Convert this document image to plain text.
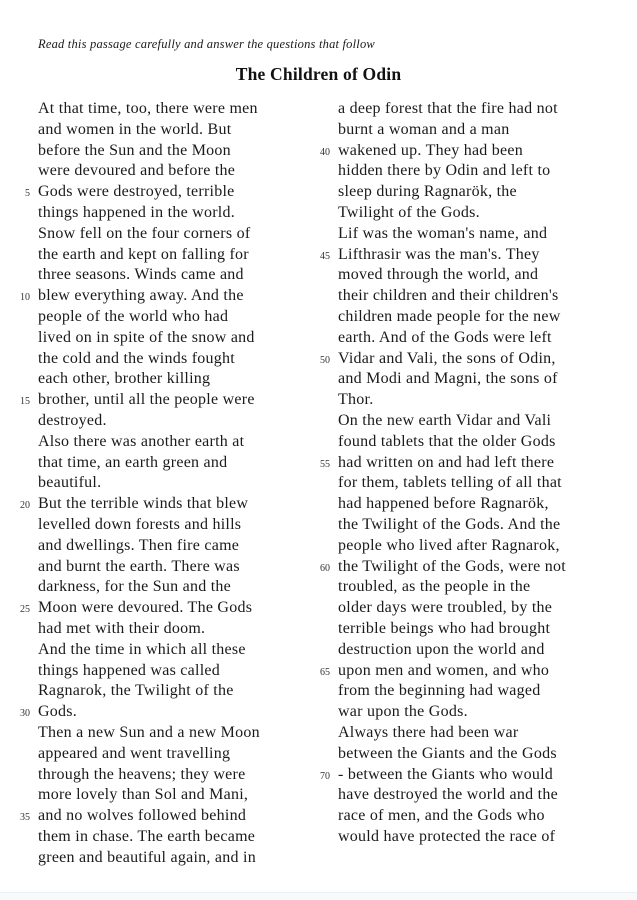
Read this passage carefully and answer the questions that follow
The Children of Odin
At that time, too, there were men
and women in the world. But
before the Sun and the Moon
were devoured and before the
5 Gods were destroyed, terrible
things happened in the world.
Snow fell on the four corners of
the earth and kept on falling for
three seasons. Winds came and
10 blew everything away. And the
people of the world who had
lived on in spite of the snow and
the cold and the winds fought
each other, brother killing
15 brother, until all the people were
destroyed.
Also there was another earth at
that time, an earth green and
beautiful.
20 But the terrible winds that blew
levelled down forests and hills
and dwellings. Then fire came
and burnt the earth. There was
darkness, for the Sun and the
25 Moon were devoured. The Gods
had met with their doom.
And the time in which all these
things happened was called
Ragnarok, the Twilight of the
30 Gods.
Then a new Sun and a new Moon
appeared and went travelling
through the heavens; they were
more lovely than Sol and Mani,
35 and no wolves followed behind
them in chase. The earth became
green and beautiful again, and in
a deep forest that the fire had not
burnt a woman and a man
40 wakened up. They had been
hidden there by Odin and left to
sleep during Ragnarök, the
Twilight of the Gods.
Lif was the woman's name, and
45 Lifthrasir was the man's. They
moved through the world, and
their children and their children's
children made people for the new
earth. And of the Gods were left
50 Vidar and Vali, the sons of Odin,
and Modi and Magni, the sons of
Thor.
On the new earth Vidar and Vali
found tablets that the older Gods
55 had written on and had left there
for them, tablets telling of all that
had happened before Ragnarök,
the Twilight of the Gods. And the
people who lived after Ragnarok,
60 the Twilight of the Gods, were not
troubled, as the people in the
older days were troubled, by the
terrible beings who had brought
destruction upon the world and
65 upon men and women, and who
from the beginning had waged
war upon the Gods.
Always there had been war
between the Giants and the Gods
70 - between the Giants who would
have destroyed the world and the
race of men, and the Gods who
would have protected the race of
